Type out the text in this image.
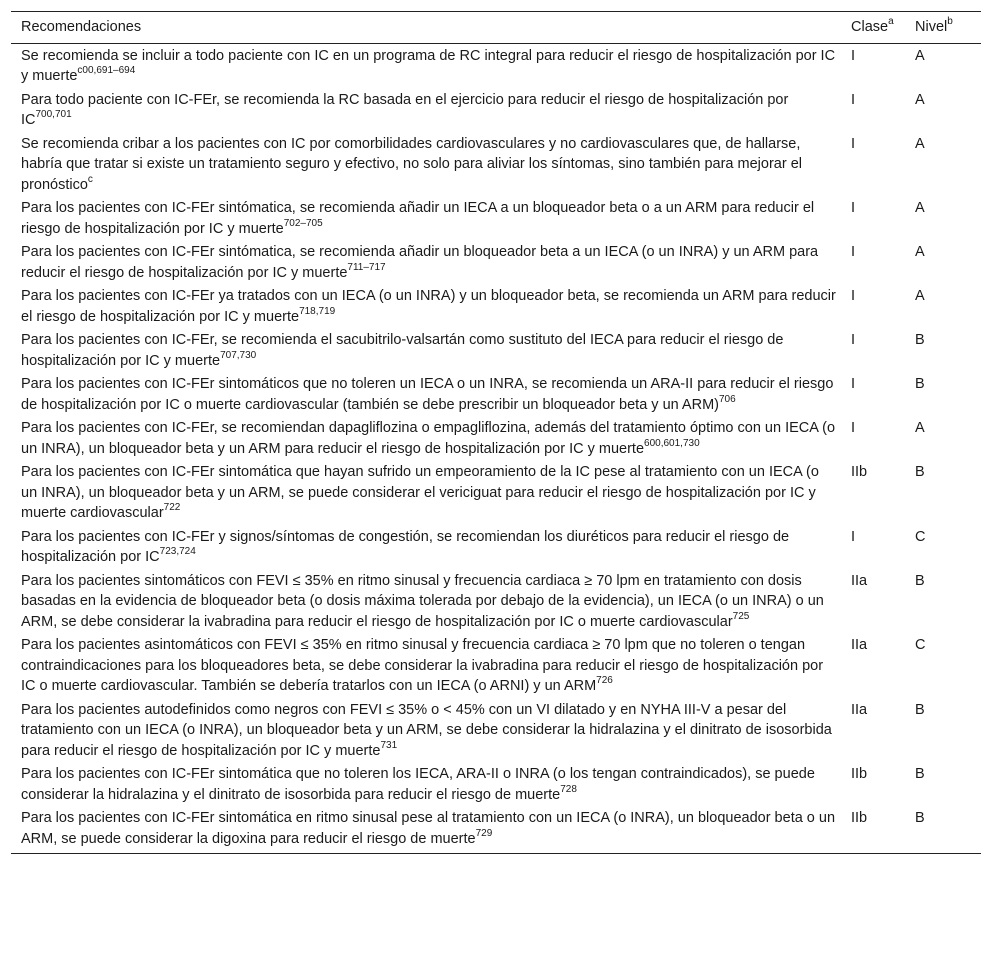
Recomendaciones	Clase$^a$	Nivel$^b$
Se recomienda se incluir a todo paciente con IC en un programa de RC integral para reducir el riesgo de hospitalización por IC y muerte$^{c00,691-694}$	I	A
Para todo paciente con IC-FEr, se recomienda la RC basada en el ejercicio para reducir el riesgo de hospitalización por IC$^{700,701}$	I	A
Se recomienda cribar a los pacientes con IC por comorbilidades cardiovasculares y no cardiovasculares que, de hallarse, habría que tratar si existe un tratamiento seguro y efectivo, no solo para aliviar los síntomas, sino también para mejorar el pronóstico$^c$	I	A
Para los pacientes con IC-FEr sintómatica, se recomienda añadir un IECA a un bloqueador beta o a un ARM para reducir el riesgo de hospitalización por IC y muerte$^{702-705}$	I	A
Para los pacientes con IC-FEr sintómatica, se recomienda añadir un bloqueador beta a un IECA (o un INRA) y un ARM para reducir el riesgo de hospitalización por IC y muerte$^{711-717}$	I	A
Para los pacientes con IC-FEr ya tratados con un IECA (o un INRA) y un bloqueador beta, se recomienda un ARM para reducir el riesgo de hospitalización por IC y muerte$^{718,719}$	I	A
Para los pacientes con IC-FEr, se recomienda el sacubitrilo-valsartán como sustituto del IECA para reducir el riesgo de hospitalización por IC y muerte$^{707,730}$	I	B
Para los pacientes con IC-FEr sintomáticos que no toleren un IECA o un INRA, se recomienda un ARA-II para reducir el riesgo de hospitalización por IC o muerte cardiovascular (también se debe prescribir un bloqueador beta y un ARM)$^{706}$	I	B
Para los pacientes con IC-FEr, se recomiendan dapagliflozina o empagliflozina, además del tratamiento óptimo con un IECA (o un INRA), un bloqueador beta y un ARM para reducir el riesgo de hospitalización por IC y muerte$^{600,601,730}$	I	A
Para los pacientes con IC-FEr sintomática que hayan sufrido un empeoramiento de la IC pese al tratamiento con un IECA (o un INRA), un bloqueador beta y un ARM, se puede considerar el vericiguat para reducir el riesgo de hospitalización por IC y muerte cardiovascular$^{722}$	IIb	B
Para los pacientes con IC-FEr y signos/síntomas de congestión, se recomiendan los diuréticos para reducir el riesgo de hospitalización por IC$^{723,724}$	I	C
Para los pacientes sintomáticos con FEVI ≤ 35% en ritmo sinusal y frecuencia cardiaca ≥ 70 lpm en tratamiento con dosis basadas en la evidencia de bloqueador beta (o dosis máxima tolerada por debajo de la evidencia), un IECA (o un INRA) o un ARM, se debe considerar la ivabradina para reducir el riesgo de hospitalización por IC o muerte cardiovascular$^{725}$	IIa	B
Para los pacientes asintomáticos con FEVI ≤ 35% en ritmo sinusal y frecuencia cardiaca ≥ 70 lpm que no toleren o tengan contraindicaciones para los bloqueadores beta, se debe considerar la ivabradina para reducir el riesgo de hospitalización por IC o muerte cardiovascular. También se debería tratarlos con un IECA (o ARNI) y un ARM$^{726}$	IIa	C
Para los pacientes autodefinidos como negros con FEVI ≤ 35% o < 45% con un VI dilatado y en NYHA III-V a pesar del tratamiento con un IECA (o INRA), un bloqueador beta y un ARM, se debe considerar la hidralazina y el dinitrato de isosorbida para reducir el riesgo de hospitalización por IC y muerte$^{731}$	IIa	B
Para los pacientes con IC-FEr sintomática que no toleren los IECA, ARA-II o INRA (o los tengan contraindicados), se puede considerar la hidralazina y el dinitrato de isosorbida para reducir el riesgo de muerte$^{728}$	IIb	B
Para los pacientes con IC-FEr sintomática en ritmo sinusal pese al tratamiento con un IECA (o INRA), un bloqueador beta o un ARM, se puede considerar la digoxina para reducir el riesgo de muerte$^{729}$	IIb	B
